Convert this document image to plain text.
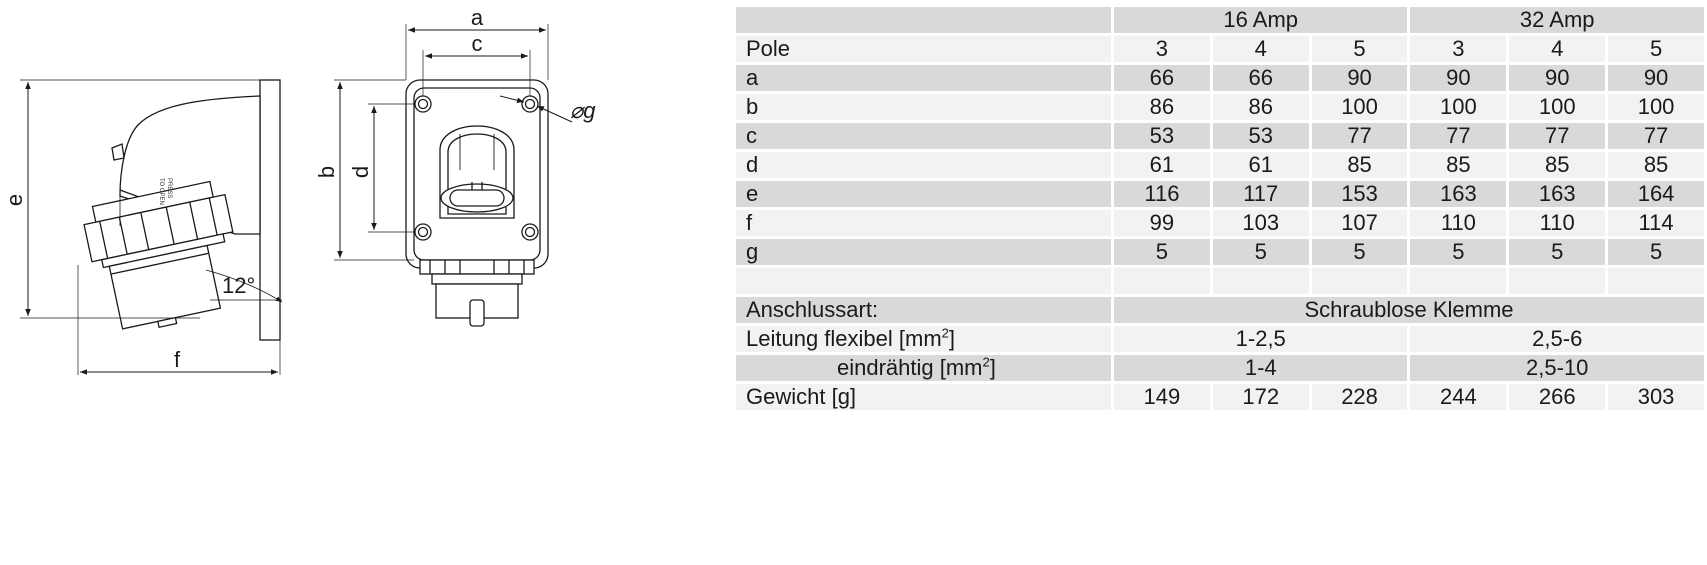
PRESS
TO OPEN
e
f
12°
a
c
b d
⌀g
	16 Amp			32 Amp		
Pole	3	4	5	3	4	5
a	66	66	90	90	90	90
b	86	86	100	100	100	100
c	53	53	77	77	77	77
d	61	61	85	85	85	85
e	116	117	153	163	163	164
f	99	103	107	110	110	114
g	5	5	5	5	5	5

Anschlussart:	Schraublose Klemme					
Leitung flexibel $[mm^2]$	1-2,5			2,5-6		
eindrähtig $[mm^2]$	1-4			2,5-10		
Gewicht [g]	149	172	228	244	266	303
